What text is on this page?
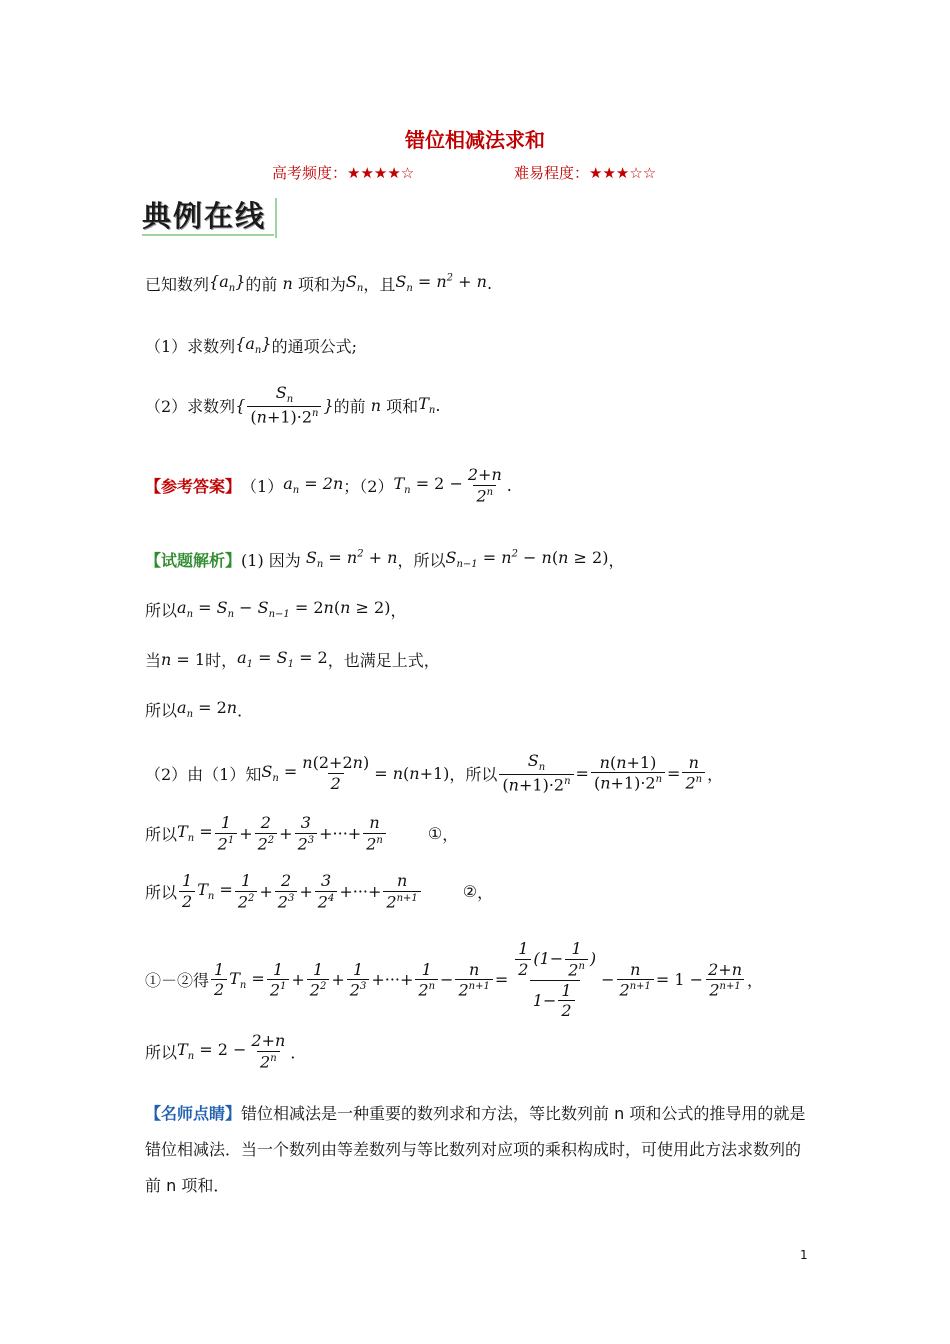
错位相减法求和
高考频度：★★★★☆	难易程度：★★★☆☆
典例在线
已知数列 $\{a_n\}$ 的前 n 项和为 $S_n$ ，且 $S_n = n^2 + n$ .
（1）求数列 $\{a_n\}$ 的通项公式;
（2）求数列 { $\frac{S_n}{(n+1)\cdot 2^n}$ } 的前 n 项和 $T_n$ .
【参考答案】 （1） $a_n = 2n$ ；（2） $T_n = 2 - \frac{2+n}{2^n}$ .
【试题解析】 (1) 因为
$S_n = n^2 + n$ ， 所以 $S_{n-1} = n^2 - n(n \ge 2)$ ，
所以 $a_n = S_n - S_{n-1} = 2n(n \ge 2)$ ，
当 n = 1 时， $a_1 = S_1 = 2$ ，也满足上式，
所以 $a_n = 2n$ ．
（2）由（1）知 $S_n = \frac{n(2+2n)}{2} = n(n+1)$ ， 所以 $\frac{S_n}{(n+1)\cdot 2^n} = \frac{n(n+1)}{(n+1)\cdot 2^n} = \frac{n}{2^n}$ ，
所以 $T_n = \frac{1}{2^1} + \frac{2}{2^2} + \frac{3}{2^3}$ +···+ $\frac{n}{2^n}$	① ，
所以 $\frac{1}{2} T_n = \frac{1}{2^2} + \frac{2}{2^3} + \frac{3}{2^4}$ +···+ $\frac{n}{2^{n+1}}$	② ，
①－②得 $\frac{1}{2} T_n = \frac{1}{2^1} + \frac{1}{2^2} + \frac{1}{2^3}$ +···+ $\frac{1}{2^n} - \frac{n}{2^{n+1}} = \frac{\frac{1}{2} (1- \frac{1}{2^n} )}{1- \frac{1}{2}} - \frac{n}{2^{n+1}} = 1 - \frac{2+n}{2^{n+1}}$ ，
所以 $T_n = 2 - \frac{2+n}{2^n}$ ．
【名师点睛】错位相减法是一种重要的数列求和方法，等比数列前 n 项和公式的推导用的就是错位相减法．当一个数列由等差数列与等比数列对应项的乘积构成时，可使用此方法求数列的前 n 项和．
1
